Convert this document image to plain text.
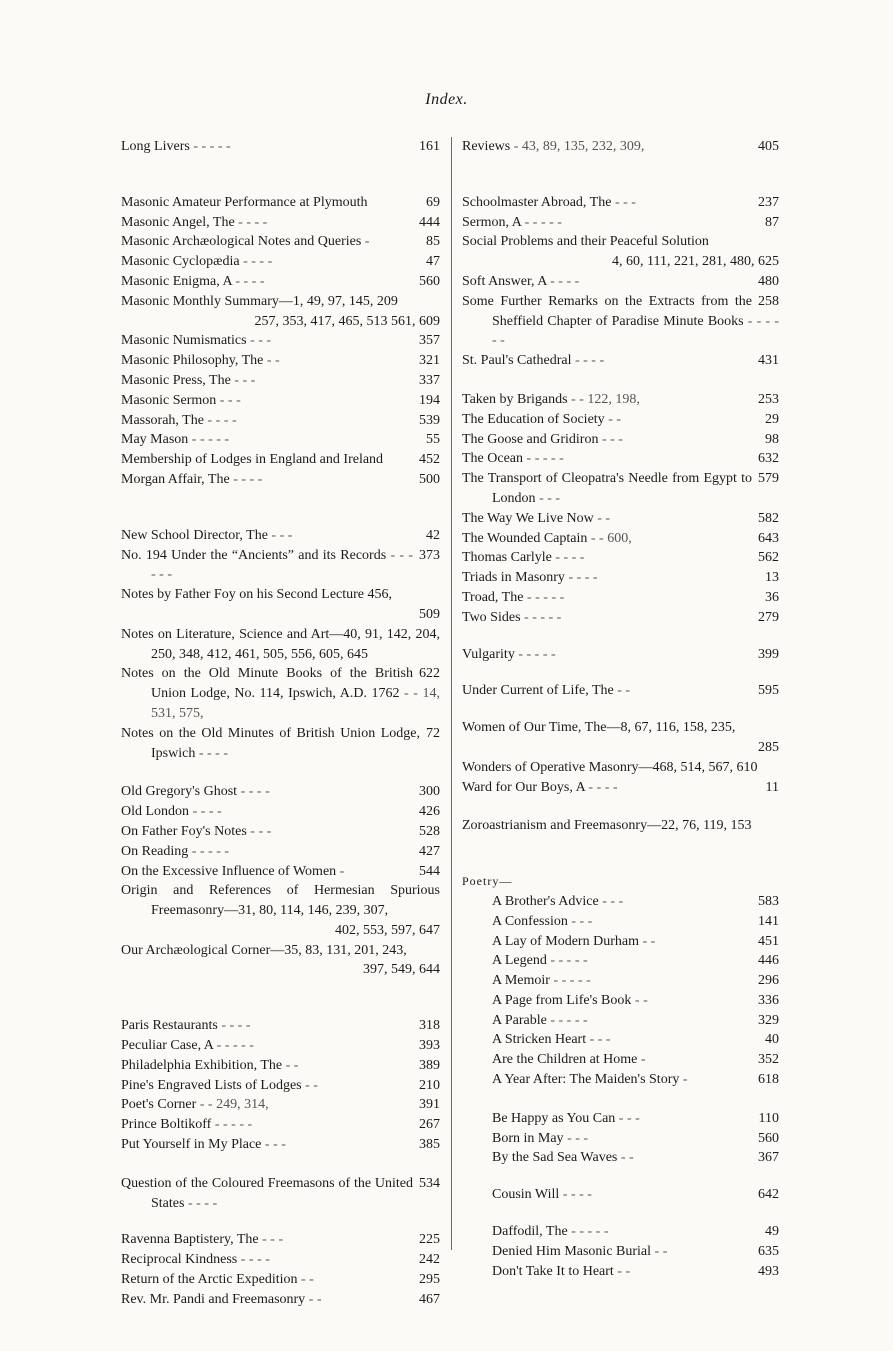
Index.
161
Long Livers - - - - -
69
Masonic Amateur Performance at Plymouth
444
Masonic Angel, The - - - -
85
Masonic Archæological Notes and Queries -
47
Masonic Cyclopædia - - - -
560
Masonic Enigma, A - - - -
Masonic Monthly Summary—1, 49, 97, 145, 209
257, 353, 417, 465, 513 561, 609
357
Masonic Numismatics - - -
321
Masonic Philosophy, The - -
337
Masonic Press, The - - -
194
Masonic Sermon - - -
539
Massorah, The - - - -
55
May Mason - - - - -
452
Membership of Lodges in England and Ireland
500
Morgan Affair, The - - - -
42
New School Director, The - - -
373
No. 194 Under the “Ancients” and its Records - - - - - -
Notes by Father Foy on his Second Lecture 456,
509
Notes on Literature, Science and Art—40, 91, 142, 204, 250, 348, 412, 461, 505, 556, 605, 645
622
Notes on the Old Minute Books of the British Union Lodge, No. 114, Ipswich, A.D. 1762 - - 14, 531, 575,
72
Notes on the Old Minutes of British Union Lodge, Ipswich - - - -
300
Old Gregory's Ghost - - - -
426
Old London - - - -
528
On Father Foy's Notes - - -
427
On Reading - - - - -
544
On the Excessive Influence of Women -
Origin and References of Hermesian Spurious Freemasonry—31, 80, 114, 146, 239, 307,
402, 553, 597, 647
Our Archæological Corner—35, 83, 131, 201, 243,
397, 549, 644
318
Paris Restaurants - - - -
393
Peculiar Case, A - - - - -
389
Philadelphia Exhibition, The - -
210
Pine's Engraved Lists of Lodges - -
391
Poet's Corner - - 249, 314,
267
Prince Boltikoff - - - - -
385
Put Yourself in My Place - - -
534
Question of the Coloured Freemasons of the United States - - - -
225
Ravenna Baptistery, The - - -
242
Reciprocal Kindness - - - -
295
Return of the Arctic Expedition - -
467
Rev. Mr. Pandi and Freemasonry - -
405
Reviews - 43, 89, 135, 232, 309,
237
Schoolmaster Abroad, The - - -
87
Sermon, A - - - - -
Social Problems and their Peaceful Solution
4, 60, 111, 221, 281, 480, 625
480
Soft Answer, A - - - -
258
Some Further Remarks on the Extracts from the Sheffield Chapter of Paradise Minute Books - - - - - -
431
St. Paul's Cathedral - - - -
253
Taken by Brigands - - 122, 198,
29
The Education of Society - -
98
The Goose and Gridiron - - -
632
The Ocean - - - - -
579
The Transport of Cleopatra's Needle from Egypt to London - - -
582
The Way We Live Now - -
643
The Wounded Captain - - 600,
562
Thomas Carlyle - - - -
13
Triads in Masonry - - - -
36
Troad, The - - - - -
279
Two Sides - - - - -
399
Vulgarity - - - - -
595
Under Current of Life, The - -
Women of Our Time, The—8, 67, 116, 158, 235,
285
Wonders of Operative Masonry—468, 514, 567, 610
11
Ward for Our Boys, A - - - -
Zoroastrianism and Freemasonry—22, 76, 119, 153
Poetry—
583
A Brother's Advice - - -
141
A Confession - - -
451
A Lay of Modern Durham - -
446
A Legend - - - - -
296
A Memoir - - - - -
336
A Page from Life's Book - -
329
A Parable - - - - -
40
A Stricken Heart - - -
352
Are the Children at Home -
618
A Year After: The Maiden's Story -
110
Be Happy as You Can - - -
560
Born in May - - -
367
By the Sad Sea Waves - -
642
Cousin Will - - - -
49
Daffodil, The - - - - -
635
Denied Him Masonic Burial - -
493
Don't Take It to Heart - -
